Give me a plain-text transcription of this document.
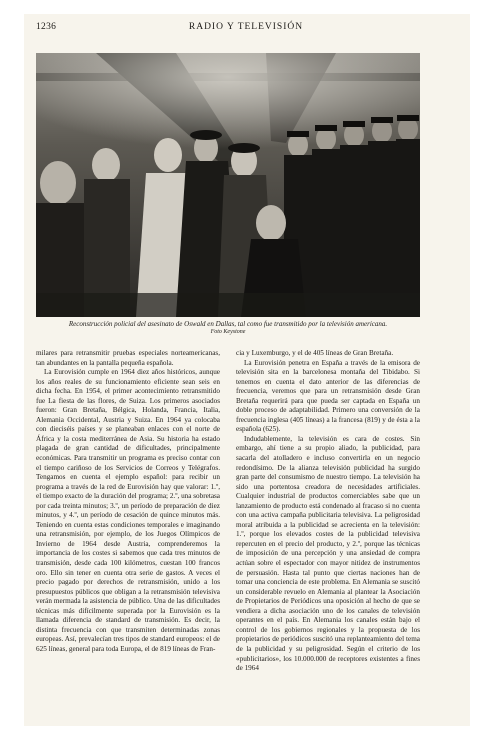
1236	RADIO Y TELEVISIÓN
Reconstrucción policial del asesinato de Oswald en Dallas, tal como fue transmitido por la televisión americana.
Foto Keystone

milares para retransmitir pruebas especiales norteamericanas, tan abundantes en la pantalla pequeña española.

La Eurovisión cumple en 1964 diez años históricos, aunque los años reales de su funcionamiento eficiente sean seis en dicha fecha. En 1954, el primer acontecimiento retransmitido fue La fiesta de las flores, de Suiza. Los primeros asociados fueron: Gran Bretaña, Bélgica, Holanda, Francia, Italia, Alemania Occidental, Austria y Suiza. En 1964 ya colocaba con dieciséis países y se planeaban enlaces con el norte de África y la costa mediterránea de Asia. Su historia ha estado plagada de gran cantidad de dificultades, principalmente económicas. Para transmitir un programa es preciso contar con el tiempo cariñoso de los Servicios de Correos y Telégrafos. Tengamos en cuenta el ejemplo español: para recibir un programa a través de la red de Eurovisión hay que valorar: 1.º, el tiempo exacto de la duración del programa; 2.º, una sobretasa por cada treinta minutos; 3.º, un período de preparación de diez minutos, y 4.º, un período de cesación de quince minutos más. Teniendo en cuenta estas condiciones temporales e imaginando una retransmisión, por ejemplo, de los Juegos Olímpicos de Invierno de 1964 desde Austria, comprenderemos la importancia de los costes si sabemos que cada tres minutos de transmisión, desde cada 100 kilómetros, cuestan 100 francos oro. Ello sin tener en cuenta otra serie de gastos. A veces el precio pagado por derechos de retransmisión, unido a los presupuestos públicos que obligan a la retransmisión televisiva verán mermada la asistencia de público. Una de las dificultades técnicas más difícilmente superada por la Eurovisión es la llamada diferencia de standard de transmisión. Es decir, la distinta frecuencia con que transmiten determinadas zonas europeas. Así, prevalecían tres tipos de standard europeos: el de 625 líneas, general para toda Europa, el de 819 líneas de Fran-

cia y Luxemburgo, y el de 405 líneas de Gran Bretaña.

La Eurovisión penetra en España a través de la emisora de televisión sita en la barcelonesa montaña del Tibidabo. Si tenemos en cuenta el dato anterior de las diferencias de frecuencia, veremos que para un retransmisión desde Gran Bretaña requerirá para que pueda ser captada en España un doble proceso de adaptabilidad. Primero una conversión de la frecuencia inglesa (405 líneas) a la francesa (819) y de ésta a la española (625).

Indudablemente, la televisión es cara de costes. Sin embargo, ahí tiene a su propio aliado, la publicidad, para sacarla del atolladero e incluso convertirla en un negocio redondísimo. De la alianza televisión publicidad ha surgido gran parte del consumismo de nuestro tiempo. La televisión ha sido una portentosa creadora de necesidades artificiales. Cualquier industrial de productos comerciables sabe que un lanzamiento de producto está condenado al fracaso si no cuenta con una activa campaña publicitaria televisiva. La peligrosidad moral atribuida a la publicidad se acrecienta en la televisión: 1.º, porque los elevados costes de la publicidad televisiva repercuten en el precio del producto, y 2.º, porque las técnicas de imposición de una percepción y una ansiedad de compra actúan sobre el espectador con mayor nitidez de instrumentos de persuasión. Hasta tal punto que ciertas naciones han de tomar una conciencia de este problema. En Alemania se suscitó un considerable revuelo en Alemania al plantear la Asociación de Propietarios de Periódicos una oposición al hecho de que se vendiera a dicha asociación uno de los canales de televisión operantes en el país. En Alemania los canales están bajo el control de los gobiernos regionales y la propuesta de los propietarios de periódicos suscitó una replanteamiento del tema de la publicidad y su peligrosidad. Según el criterio de los «publicitarios», los 10.000.000 de receptores existentes a fines de 1964
